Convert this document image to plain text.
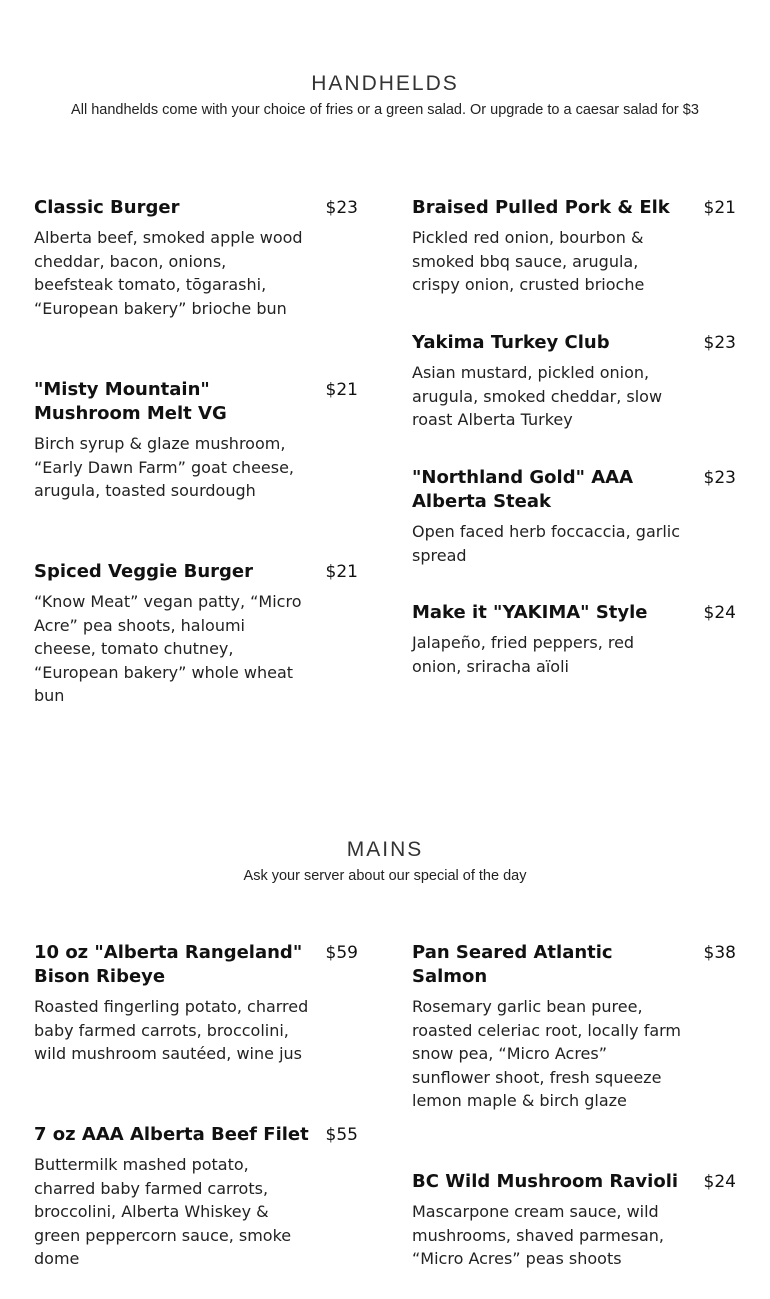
HANDHELDS
All handhelds come with your choice of fries or a green salad. Or upgrade to a caesar salad for $3
Classic Burger	$23
Alberta beef, smoked apple wood cheddar, bacon, onions, beefsteak tomato, tōgarashi, “European bakery” brioche bun
"Misty Mountain" Mushroom Melt VG
$21
Birch syrup & glaze mushroom, “Early Dawn Farm” goat cheese, arugula, toasted sourdough
Spiced Veggie Burger	$21
“Know Meat” vegan patty, “Micro Acre” pea shoots, haloumi cheese, tomato chutney, “European bakery” whole wheat bun
Braised Pulled Pork & Elk	$21
Pickled red onion, bourbon & smoked bbq sauce, arugula, crispy onion, crusted brioche
Yakima Turkey Club	$23
Asian mustard, pickled onion, arugula, smoked cheddar, slow roast Alberta Turkey
"Northland Gold" AAA Alberta Steak
$23
Open faced herb foccaccia, garlic spread
Make it "YAKIMA" Style	$24
Jalapeño, fried peppers, red onion, sriracha aïoli
MAINS
Ask your server about our special of the day
10 oz "Alberta Rangeland" Bison Ribeye
$59
Roasted fingerling potato, charred baby farmed carrots, broccolini, wild mushroom sautéed, wine jus
7 oz AAA Alberta Beef Filet $55
Buttermilk mashed potato, charred baby farmed carrots, broccolini, Alberta Whiskey & green peppercorn sauce, smoke dome
Pan Seared Atlantic Salmon
$38
Rosemary garlic bean puree, roasted celeriac root, locally farm snow pea, “Micro Acres” sunflower shoot, fresh squeeze lemon maple & birch glaze
BC Wild Mushroom Ravioli	$24
Mascarpone cream sauce, wild mushrooms, shaved parmesan, “Micro Acres” peas shoots
